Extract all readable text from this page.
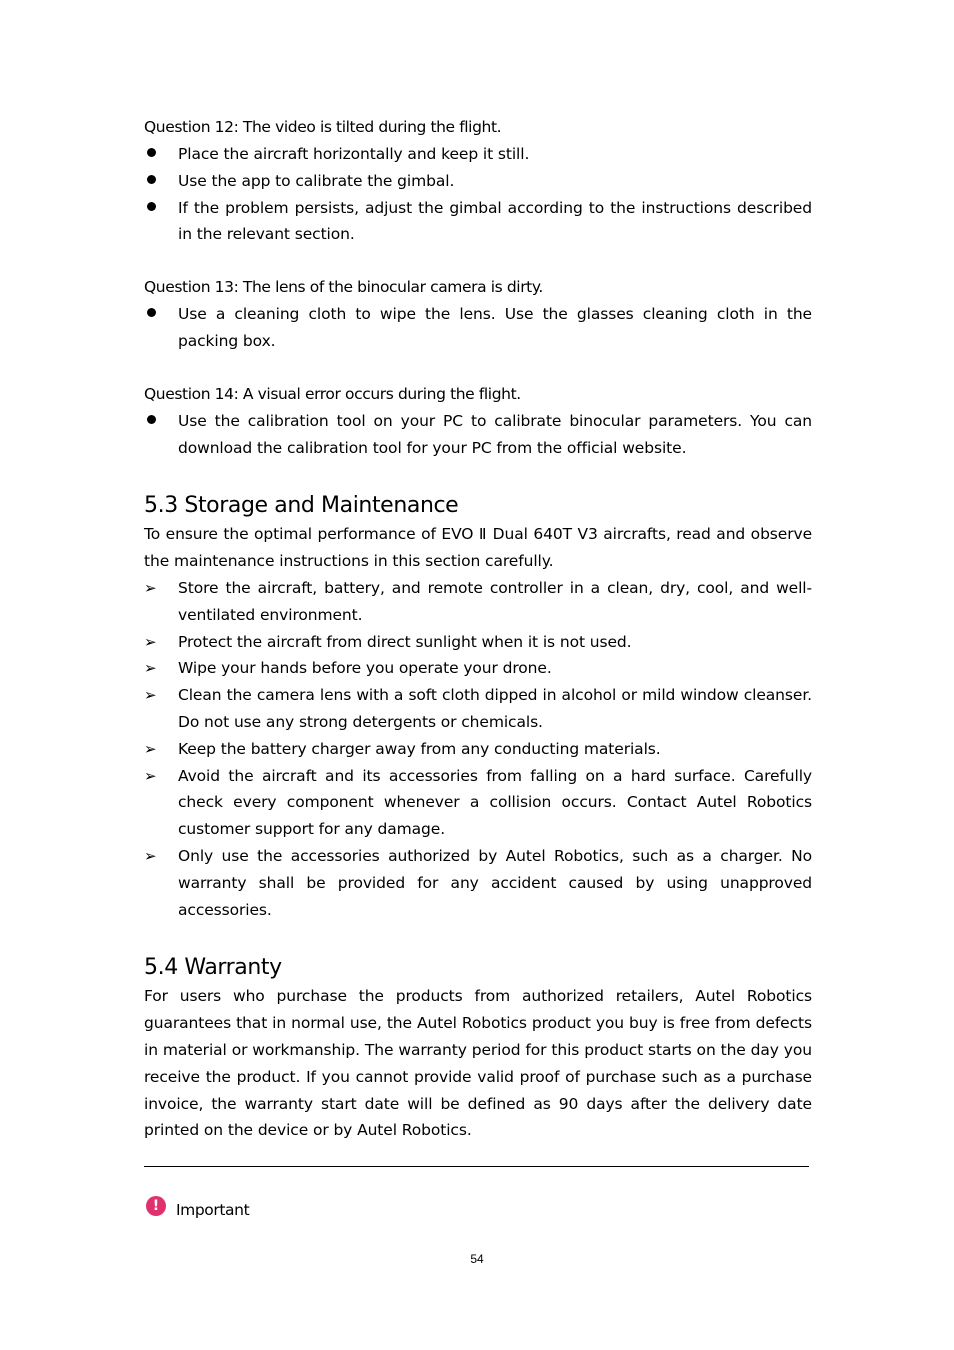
Question 12: The video is tilted during the flight.
Place the aircraft horizontally and keep it still.
Use the app to calibrate the gimbal.
If the problem persists, adjust the gimbal according to the instructions described in the relevant section.
Question 13: The lens of the binocular camera is dirty.
Use a cleaning cloth to wipe the lens. Use the glasses cleaning cloth in the packing box.
Question 14: A visual error occurs during the flight.
Use the calibration tool on your PC to calibrate binocular parameters. You can download the calibration tool for your PC from the official website.
5.3 Storage and Maintenance

To ensure the optimal performance of EVO Ⅱ Dual 640T V3 aircrafts, read and observe the maintenance instructions in this section carefully.

➢	Store the aircraft, battery, and remote controller in a clean, dry, cool, and well-ventilated environment.
➢	Protect the aircraft from direct sunlight when it is not used.
➢	Wipe your hands before you operate your drone.
➢	Clean the camera lens with a soft cloth dipped in alcohol or mild window cleanser. Do not use any strong detergents or chemicals.
➢	Keep the battery charger away from any conducting materials.
➢	Avoid the aircraft and its accessories from falling on a hard surface. Carefully check every component whenever a collision occurs. Contact Autel Robotics customer support for any damage.
➢	Only use the accessories authorized by Autel Robotics, such as a charger. No warranty shall be provided for any accident caused by using unapproved accessories.
5.4 Warranty

For users who purchase the products from authorized retailers, Autel Robotics guarantees that in normal use, the Autel Robotics product you buy is free from defects in material or workmanship. The warranty period for this product starts on the day you receive the product. If you cannot provide valid proof of purchase such as a purchase invoice, the warranty start date will be defined as 90 days after the delivery date printed on the device or by Autel Robotics.

!	Important
54
